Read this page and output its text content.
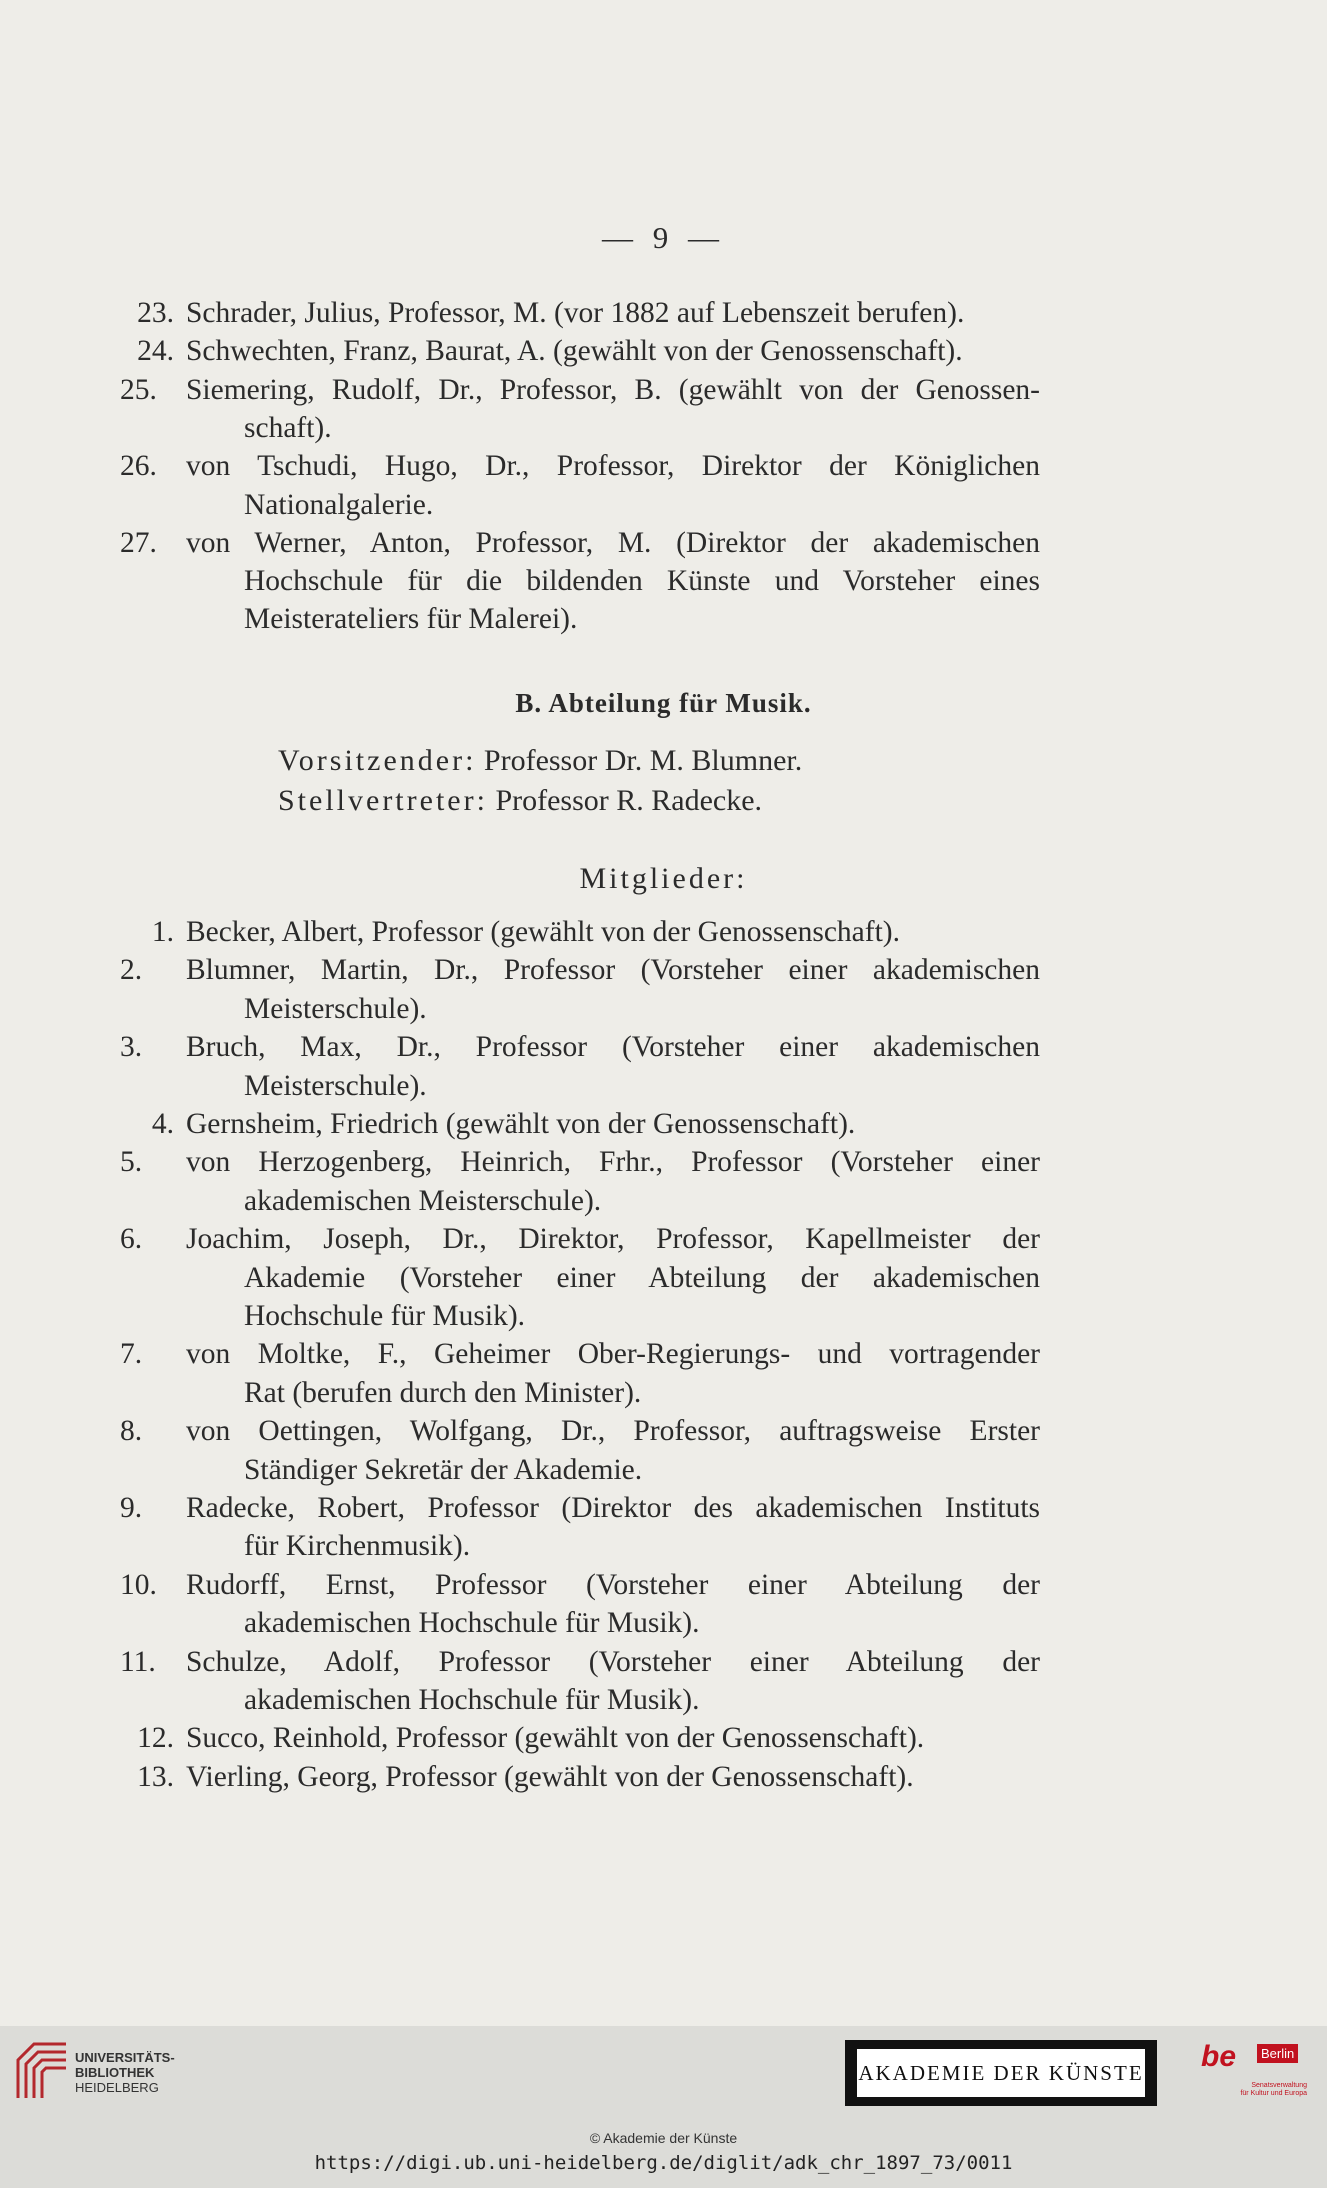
— 9 —
23. Schrader, Julius, Professor, M. (vor 1882 auf Lebenszeit berufen).
24. Schwechten, Franz, Baurat, A. (gewählt von der Genossenschaft).
25. Siemering, Rudolf, Dr., Professor, B. (gewählt von der Genossen-
schaft).
26. von Tschudi, Hugo, Dr., Professor, Direktor der Königlichen
Nationalgalerie.
27. von Werner, Anton, Professor, M. (Direktor der akademischen
Hochschule für die bildenden Künste und Vorsteher eines
Meisterateliers für Malerei).
B. Abteilung für Musik.
Vorsitzender: Professor Dr. M. Blumner.
Stellvertreter: Professor R. Radecke.
Mitglieder:
1. Becker, Albert, Professor (gewählt von der Genossenschaft).
2. Blumner, Martin, Dr., Professor (Vorsteher einer akademischen
Meisterschule).
3. Bruch, Max, Dr., Professor (Vorsteher einer akademischen
Meisterschule).
4. Gernsheim, Friedrich (gewählt von der Genossenschaft).
5. von Herzogenberg, Heinrich, Frhr., Professor (Vorsteher einer
akademischen Meisterschule).
6. Joachim, Joseph, Dr., Direktor, Professor, Kapellmeister der
Akademie (Vorsteher einer Abteilung der akademischen
Hochschule für Musik).
7. von Moltke, F., Geheimer Ober-Regierungs- und vortragender
Rat (berufen durch den Minister).
8. von Oettingen, Wolfgang, Dr., Professor, auftragsweise Erster
Ständiger Sekretär der Akademie.
9. Radecke, Robert, Professor (Direktor des akademischen Instituts
für Kirchenmusik).
10. Rudorff, Ernst, Professor (Vorsteher einer Abteilung der
akademischen Hochschule für Musik).
11. Schulze, Adolf, Professor (Vorsteher einer Abteilung der
akademischen Hochschule für Musik).
12. Succo, Reinhold, Professor (gewählt von der Genossenschaft).
13. Vierling, Georg, Professor (gewählt von der Genossenschaft).
UNIVERSITÄTS-
BIBLIOTHEK
HEIDELBERG
AKADEMIE DER KÜNSTE be	Berlin
Senatsverwaltung
für Kultur und Europa
© Akademie der Künste
https://digi.ub.uni-heidelberg.de/diglit/adk_chr_1897_73/0011
